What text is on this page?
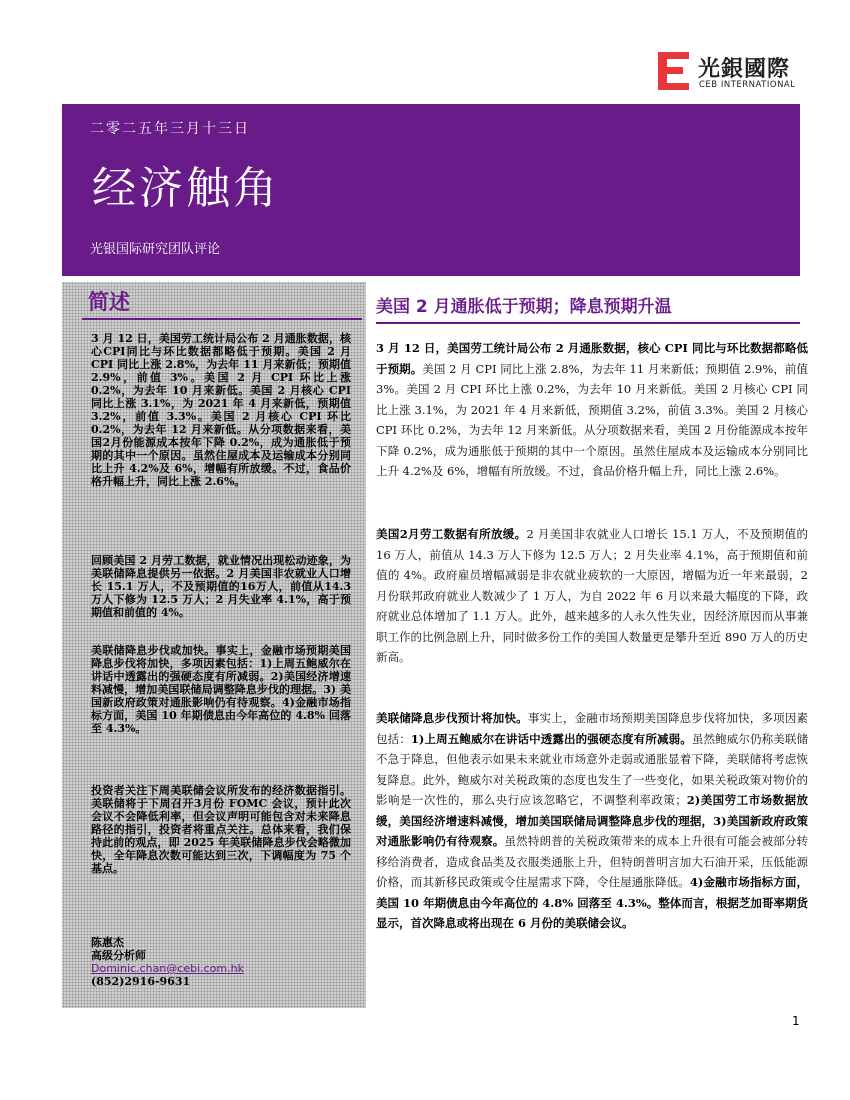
光銀國際
CEB INTERNATIONAL
二零二五年三月十三日
经济触角
光银国际研究团队评论
简述
3 月 12 日，美国劳工统计局公布 2 月通胀数据，核心CPI同比与环比数据都略低于预期。美国 2 月 CPI 同比上涨 2.8%，为去年 11 月来新低；预期值 2.9%，前值 3%。美国 2 月 CPI 环比上涨 0.2%，为去年 10 月来新低。美国 2 月核心 CPI 同比上涨 3.1%，为 2021 年 4 月来新低，预期值 3.2%，前值 3.3%。美国 2 月核心 CPI 环比 0.2%，为去年 12 月来新低。从分项数据来看，美国2月份能源成本按年下降 0.2%，成为通胀低于预期的其中一个原因。虽然住屋成本及运输成本分别同比上升 4.2%及 6%，增幅有所放缓。不过，食品价格升幅上升，同比上涨 2.6%。
回顾美国 2 月劳工数据，就业情况出现松动迹象，为美联储降息提供另一依据。2 月美国非农就业人口增长 15.1 万人，不及预期值的16万人，前值从14.3万人下修为 12.5 万人；2 月失业率 4.1%，高于预期值和前值的 4%。
美联储降息步伐或加快。事实上，金融市场预期美国降息步伐将加快，多项因素包括：1)上周五鲍威尔在讲话中透露出的强硬态度有所减弱。2)美国经济增速料减慢，增加美国联储局调整降息步伐的理据。3) 美国新政府政策对通胀影响仍有待观察。4)金融市场指标方面，美国 10 年期债息由今年高位的 4.8% 回落至 4.3%。
投资者关注下周美联储会议所发布的经济数据指引。美联储将于下周召开3月份 FOMC 会议，预计此次会议不会降低利率，但会议声明可能包含对未来降息路径的指引，投资者将重点关注。总体来看，我们保持此前的观点，即 2025 年美联储降息步伐会略微加快，全年降息次数可能达到三次，下调幅度为 75 个基点。
陈惠杰
高级分析师
Dominic.chan@cebi.com.hk
(852)2916-9631
美国 2 月通胀低于预期；降息预期升温
3 月 12 日，美国劳工统计局公布 2 月通胀数据，核心 CPI 同比与环比数据都略低于预期。美国 2 月 CPI 同比上涨 2.8%，为去年 11 月来新低；预期值 2.9%，前值 3%。美国 2 月 CPI 环比上涨 0.2%，为去年 10 月来新低。美国 2 月核心 CPI 同比上涨 3.1%，为 2021 年 4 月来新低，预期值 3.2%，前值 3.3%。美国 2 月核心 CPI 环比 0.2%，为去年 12 月来新低。从分项数据来看，美国 2 月份能源成本按年下降 0.2%，成为通胀低于预期的其中一个原因。虽然住屋成本及运输成本分别同比上升 4.2%及 6%，增幅有所放缓。不过，食品价格升幅上升，同比上涨 2.6%。
美国2月劳工数据有所放缓。2 月美国非农就业人口增长 15.1 万人，不及预期值的 16 万人，前值从 14.3 万人下修为 12.5 万人；2 月失业率 4.1%，高于预期值和前值的 4%。政府雇员增幅减弱是非农就业疲软的一大原因，增幅为近一年来最弱，2 月份联邦政府就业人数减少了 1 万人，为自 2022 年 6 月以来最大幅度的下降，政府就业总体增加了 1.1 万人。此外，越来越多的人永久性失业，因经济原因而从事兼职工作的比例急剧上升，同时做多份工作的美国人数量更是攀升至近 890 万人的历史新高。
美联储降息步伐预计将加快。事实上，金融市场预期美国降息步伐将加快，多项因素包括：1)上周五鲍威尔在讲话中透露出的强硬态度有所减弱。虽然鲍威尔仍称美联储不急于降息，但他表示如果未来就业市场意外走弱或通胀显着下降，美联储将考虑恢复降息。此外，鲍威尔对关税政策的态度也发生了一些变化，如果关税政策对物价的影响是一次性的，那么央行应该忽略它，不调整利率政策；2)美国劳工市场数据放缓，美国经济增速料减慢，增加美国联储局调整降息步伐的理据，3)美国新政府政策对通胀影响仍有待观察。虽然特朗普的关税政策带来的成本上升很有可能会被部分转移给消费者，造成食品类及衣服类通胀上升，但特朗普明言加大石油开采，压低能源价格，而其新移民政策或令住屋需求下降，令住屋通胀降低。4)金融市场指标方面，美国 10 年期债息由今年高位的 4.8% 回落至 4.3%。整体而言，根据芝加哥率期货显示，首次降息或将出现在 6 月份的美联储会议。
1
